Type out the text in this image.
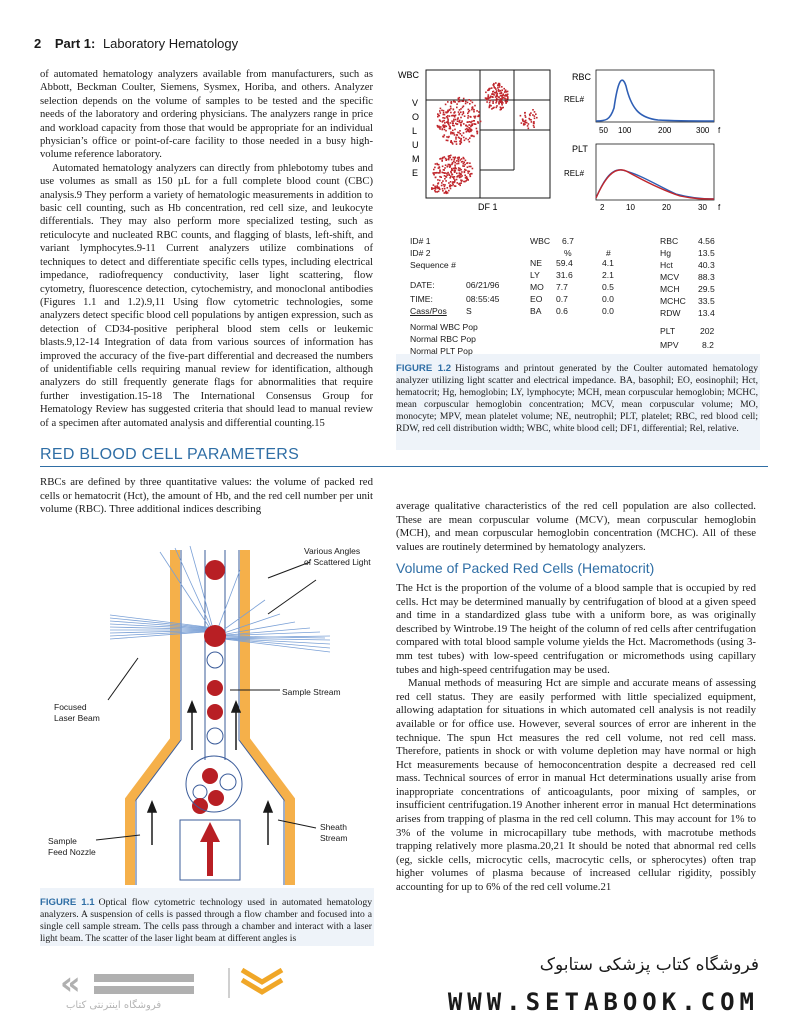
2 Part 1: Laboratory Hematology

of automated hematology analyzers available from manufacturers, such as Abbott, Beckman Coulter, Siemens, Sysmex, Horiba, and others. Analyzer selection depends on the volume of samples to be tested and the specific needs of the laboratory and ordering physicians. The analyzers range in price and workload capacity from those that would be appropriate for an individual physician’s office or point-of-care facility to those needed in a busy high-volume reference laboratory.

Automated hematology analyzers can directly from phlebotomy tubes and use volumes as small as 150 µL for a full complete blood count (CBC) analysis.9 They perform a variety of hematologic measurements in addition to basic cell counting, such as Hb concentration, red cell size, and leukocyte differentials. They may also perform more specialized testing, such as reticulocyte and nucleated RBC counts, and flagging of blasts, left-shift, and variant lymphocytes.9-11 Current analyzers utilize combinations of techniques to detect and differentiate specific cells types, including electrical impedance, radiofrequency conductivity, laser light scattering, flow cytometry, fluorescence detection, cytochemistry, and monoclonal antibodies (Figures 1.1 and 1.2).9,11 Using flow cytometric technologies, some analyzers detect specific blood cell populations by antigen expression, such as detection of CD34-positive peripheral blood stem cells or leukemic blasts.9,12-14 Integration of data from various sources of information has improved the accuracy of the five-part differential and decreased the numbers of unidentifiable cells requiring manual review for identification, although analyzers do still frequently generate flags for abnormalities that require further investigation.15-18 The International Consensus Group for Hematology Review has suggested criteria that should lead to manual review of a specimen after automated analysis and differential counting.15

WBC
V
O
L
U
M
E
DF 1
RBC
REL#
50 100	200	300 f
PLT
REL#
2	10	20	30 f
ID# 1
ID# 2
Sequence #
DATE:	06/21/96
TIME:	08:55:45
Cass/Pos S
Normal WBC Pop
Normal RBC Pop
Normal PLT Pop
WBC 6.7
%	#
NE 59.4	4.1
LY 31.6	2.1
MO 7.7	0.5
EO 0.7	0.0
BA 0.6	0.0
RBC 4.56
Hg	13.5
Hct	40.3
MCV 88.3
MCH 29.5
MCHC 33.5
RDW 13.4
PLT	202
MPV	8.2
FIGURE 1.2 Histograms and printout generated by the Coulter automated hematology analyzer utilizing light scatter and electrical impedance. BA, basophil; EO, eosinophil; Hct, hematocrit; Hg, hemoglobin; LY, lymphocyte; MCH, mean corpuscular hemoglobin; MCHC, mean corpuscular hemoglobin concentration; MCV, mean corpuscular volume; MO, monocyte; MPV, mean platelet volume; NE, neutrophil; PLT, platelet; RBC, red blood cell; RDW, red cell distribution width; WBC, white blood cell; DF1, differential; Rel, relative.
RED BLOOD CELL PARAMETERS
RBCs are defined by three quantitative values: the volume of packed red cells or hematocrit (Hct), the amount of Hb, and the red cell number per unit volume (RBC). Three additional indices describing	average qualitative characteristics of the red cell population are also collected. These are mean corpuscular volume (MCV), mean corpuscular hemoglobin (MCH), and mean corpuscular hemoglobin concentration (MCHC). All of these values are routinely determined by hematology analyzers.

Volume of Packed Red Cells (Hematocrit)

The Hct is the proportion of the volume of a blood sample that is occupied by red cells. Hct may be determined manually by centrifugation of blood at a given speed and time in a standardized glass tube with a uniform bore, as was originally described by Wintrobe.19 The height of the column of red cells after centrifugation compared with total blood sample volume yields the Hct. Macromethods (using 3-mm test tubes) with low-speed centrifugation or micromethods using capillary tubes and high-speed centrifugation may be used.

Manual methods of measuring Hct are simple and accurate means of assessing red cell status. They are easily performed with little specialized equipment, allowing adaptation for situations in which automated cell analysis is not readily available or for office use. However, several sources of error are inherent in the technique. The spun Hct measures the red cell volume, not red cell mass. Therefore, patients in shock or with volume depletion may have normal or high Hct measurements because of hemoconcentration despite a decreased red cell mass. Technical sources of error in manual Hct determinations usually arise from inappropriate concentrations of anticoagulants, poor mixing of samples, or insufficient centrifugation.19 Another inherent error in manual Hct determinations arises from trapping of plasma in the red cell column. This may account for 1% to 3% of the volume in microcapillary tube methods, with macrotube methods trapping relatively more plasma.20,21 It should be noted that abnormal red cells (eg, sickle cells, microcytic cells, macrocytic cells, or spherocytes) often trap higher volumes of plasma because of increased cellular rigidity, possibly accounting for up to 6% of the red cell volume.21

Various Angles
of Scattered Light
Sample Stream
Focused
Laser Beam
Sheath
Stream
Sample
Feed Nozzle
FIGURE 1.1 Optical flow cytometric technology used in automated hematology analyzers. A suspension of cells is passed through a flow chamber and focused into a single cell sample stream. The cells pass through a chamber and interact with a laser light beam. The scatter of the laser light beam at different angles is
«
فروشگاه اینترنتی کتاب
فروشگاه کتاب پزشکی ستابوک
WWW.SETABOOK.COM
